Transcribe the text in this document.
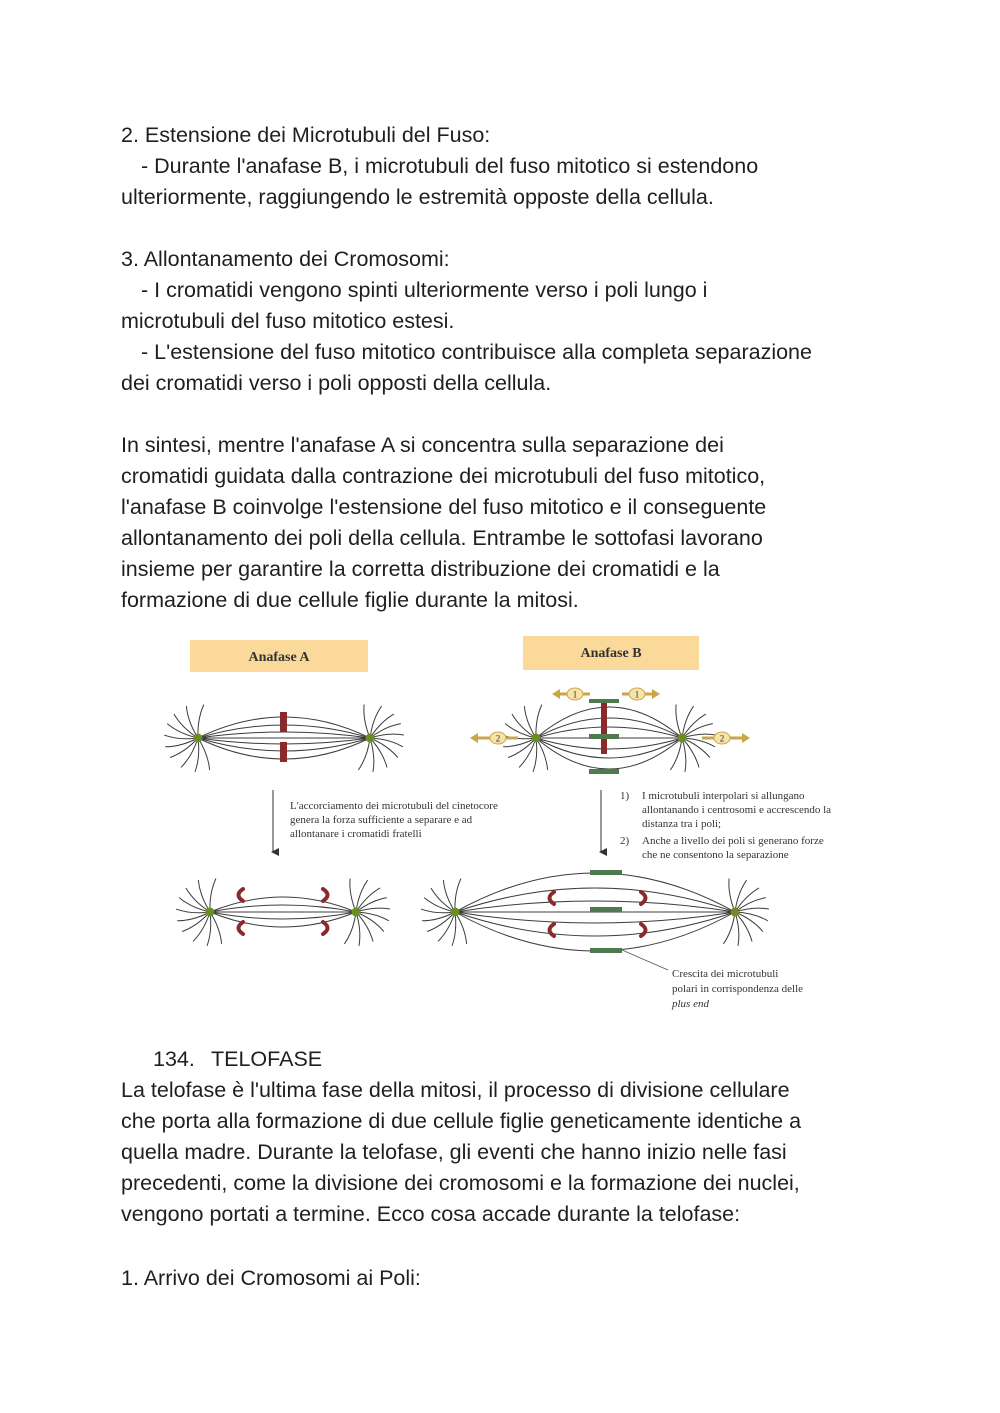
2. Estensione dei Microtubuli del Fuso:
- Durante l'anafase B, i microtubuli del fuso mitotico si estendono
ulteriormente, raggiungendo le estremità opposte della cellula.
3. Allontanamento dei Cromosomi:
- I cromatidi vengono spinti ulteriormente verso i poli lungo i
microtubuli del fuso mitotico estesi.
- L'estensione del fuso mitotico contribuisce alla completa separazione
dei cromatidi verso i poli opposti della cellula.
In sintesi, mentre l'anafase A si concentra sulla separazione dei
cromatidi guidata dalla contrazione dei microtubuli del fuso mitotico,
l'anafase B coinvolge l'estensione del fuso mitotico e il conseguente
allontanamento dei poli della cellula. Entrambe le sottofasi lavorano
insieme per garantire la corretta distribuzione dei cromatidi e la
formazione di due cellule figlie durante la mitosi.
Anafase A	Anafase B
2	2
1	1
L'accorciamento dei microtubuli del cinetocore
genera la forza sufficiente a separare e ad
allontanare i cromatidi fratelli
1) I microtubuli interpolari si allungano
allontanando i centrosomi e accrescendo la
distanza tra i poli;
2) Anche a livello dei poli si generano forze
che ne consentono la separazione
Crescita dei microtubuli
polari in corrispondenza delle
plus end
134. TELOFASE
La telofase è l'ultima fase della mitosi, il processo di divisione cellulare
che porta alla formazione di due cellule figlie geneticamente identiche a
quella madre. Durante la telofase, gli eventi che hanno inizio nelle fasi
precedenti, come la divisione dei cromosomi e la formazione dei nuclei,
vengono portati a termine. Ecco cosa accade durante la telofase:
1. Arrivo dei Cromosomi ai Poli:
